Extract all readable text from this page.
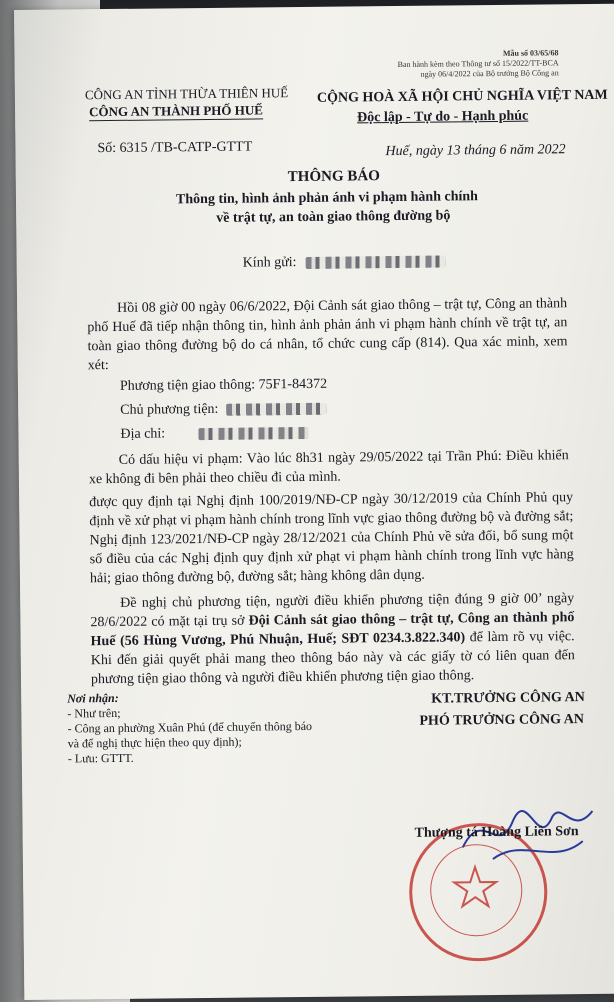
Mẫu số 03/65/68
Ban hành kèm theo Thông tư số 15/2022/TT-BCA
ngày 06/4/2022 của Bộ trưởng Bộ Công an
CÔNG AN TỈNH THỪA THIÊN HUẾ
CÔNG AN THÀNH PHỐ HUẾ
Số: 6315 /TB-CATP-GTTT
CỘNG HOÀ XÃ HỘI CHỦ NGHĨA VIỆT NAM
Độc lập - Tự do - Hạnh phúc
Huế, ngày 13 tháng 6 năm 2022
THÔNG BÁO
Thông tin, hình ảnh phản ánh vi phạm hành chính
về trật tự, an toàn giao thông đường bộ
Kính gửi:
Hồi 08 giờ 00 ngày 06/6/2022, Đội Cảnh sát giao thông – trật tự, Công an thành phố Huế đã tiếp nhận thông tin, hình ảnh phản ánh vi phạm hành chính về trật tự, an toàn giao thông đường bộ do cá nhân, tổ chức cung cấp (814). Qua xác minh, xem xét:
Phương tiện giao thông: 75F1-84372
Chủ phương tiện:
Địa chỉ:
Có dấu hiệu vi phạm: Vào lúc 8h31 ngày 29/05/2022 tại Trần Phú: Điều khiển xe không đi bên phải theo chiều đi của mình.
được quy định tại Nghị định 100/2019/NĐ-CP ngày 30/12/2019 của Chính Phủ quy định về xử phạt vi phạm hành chính trong lĩnh vực giao thông đường bộ và đường sắt; Nghị định 123/2021/NĐ-CP ngày 28/12/2021 của Chính Phủ về sửa đổi, bổ sung một số điều của các Nghị định quy định xử phạt vi phạm hành chính trong lĩnh vực hàng hải; giao thông đường bộ, đường sắt; hàng không dân dụng.
Đề nghị chủ phương tiện, người điều khiển phương tiện đúng 9 giờ 00’ ngày 28/6/2022 có mặt tại trụ sở Đội Cảnh sát giao thông – trật tự, Công an thành phố Huế (56 Hùng Vương, Phú Nhuận, Huế; SĐT 0234.3.822.340) để làm rõ vụ việc. Khi đến giải quyết phải mang theo thông báo này và các giấy tờ có liên quan đến phương tiện giao thông và người điều khiển phương tiện giao thông.
Nơi nhận:
- Như trên;
- Công an phường Xuân Phú (để chuyển thông báo
và để nghị thực hiện theo quy định);
- Lưu: GTTT.
KT.TRƯỞNG CÔNG AN
PHÓ TRƯỞNG CÔNG AN
Thượng tá Hoàng Liên Sơn
